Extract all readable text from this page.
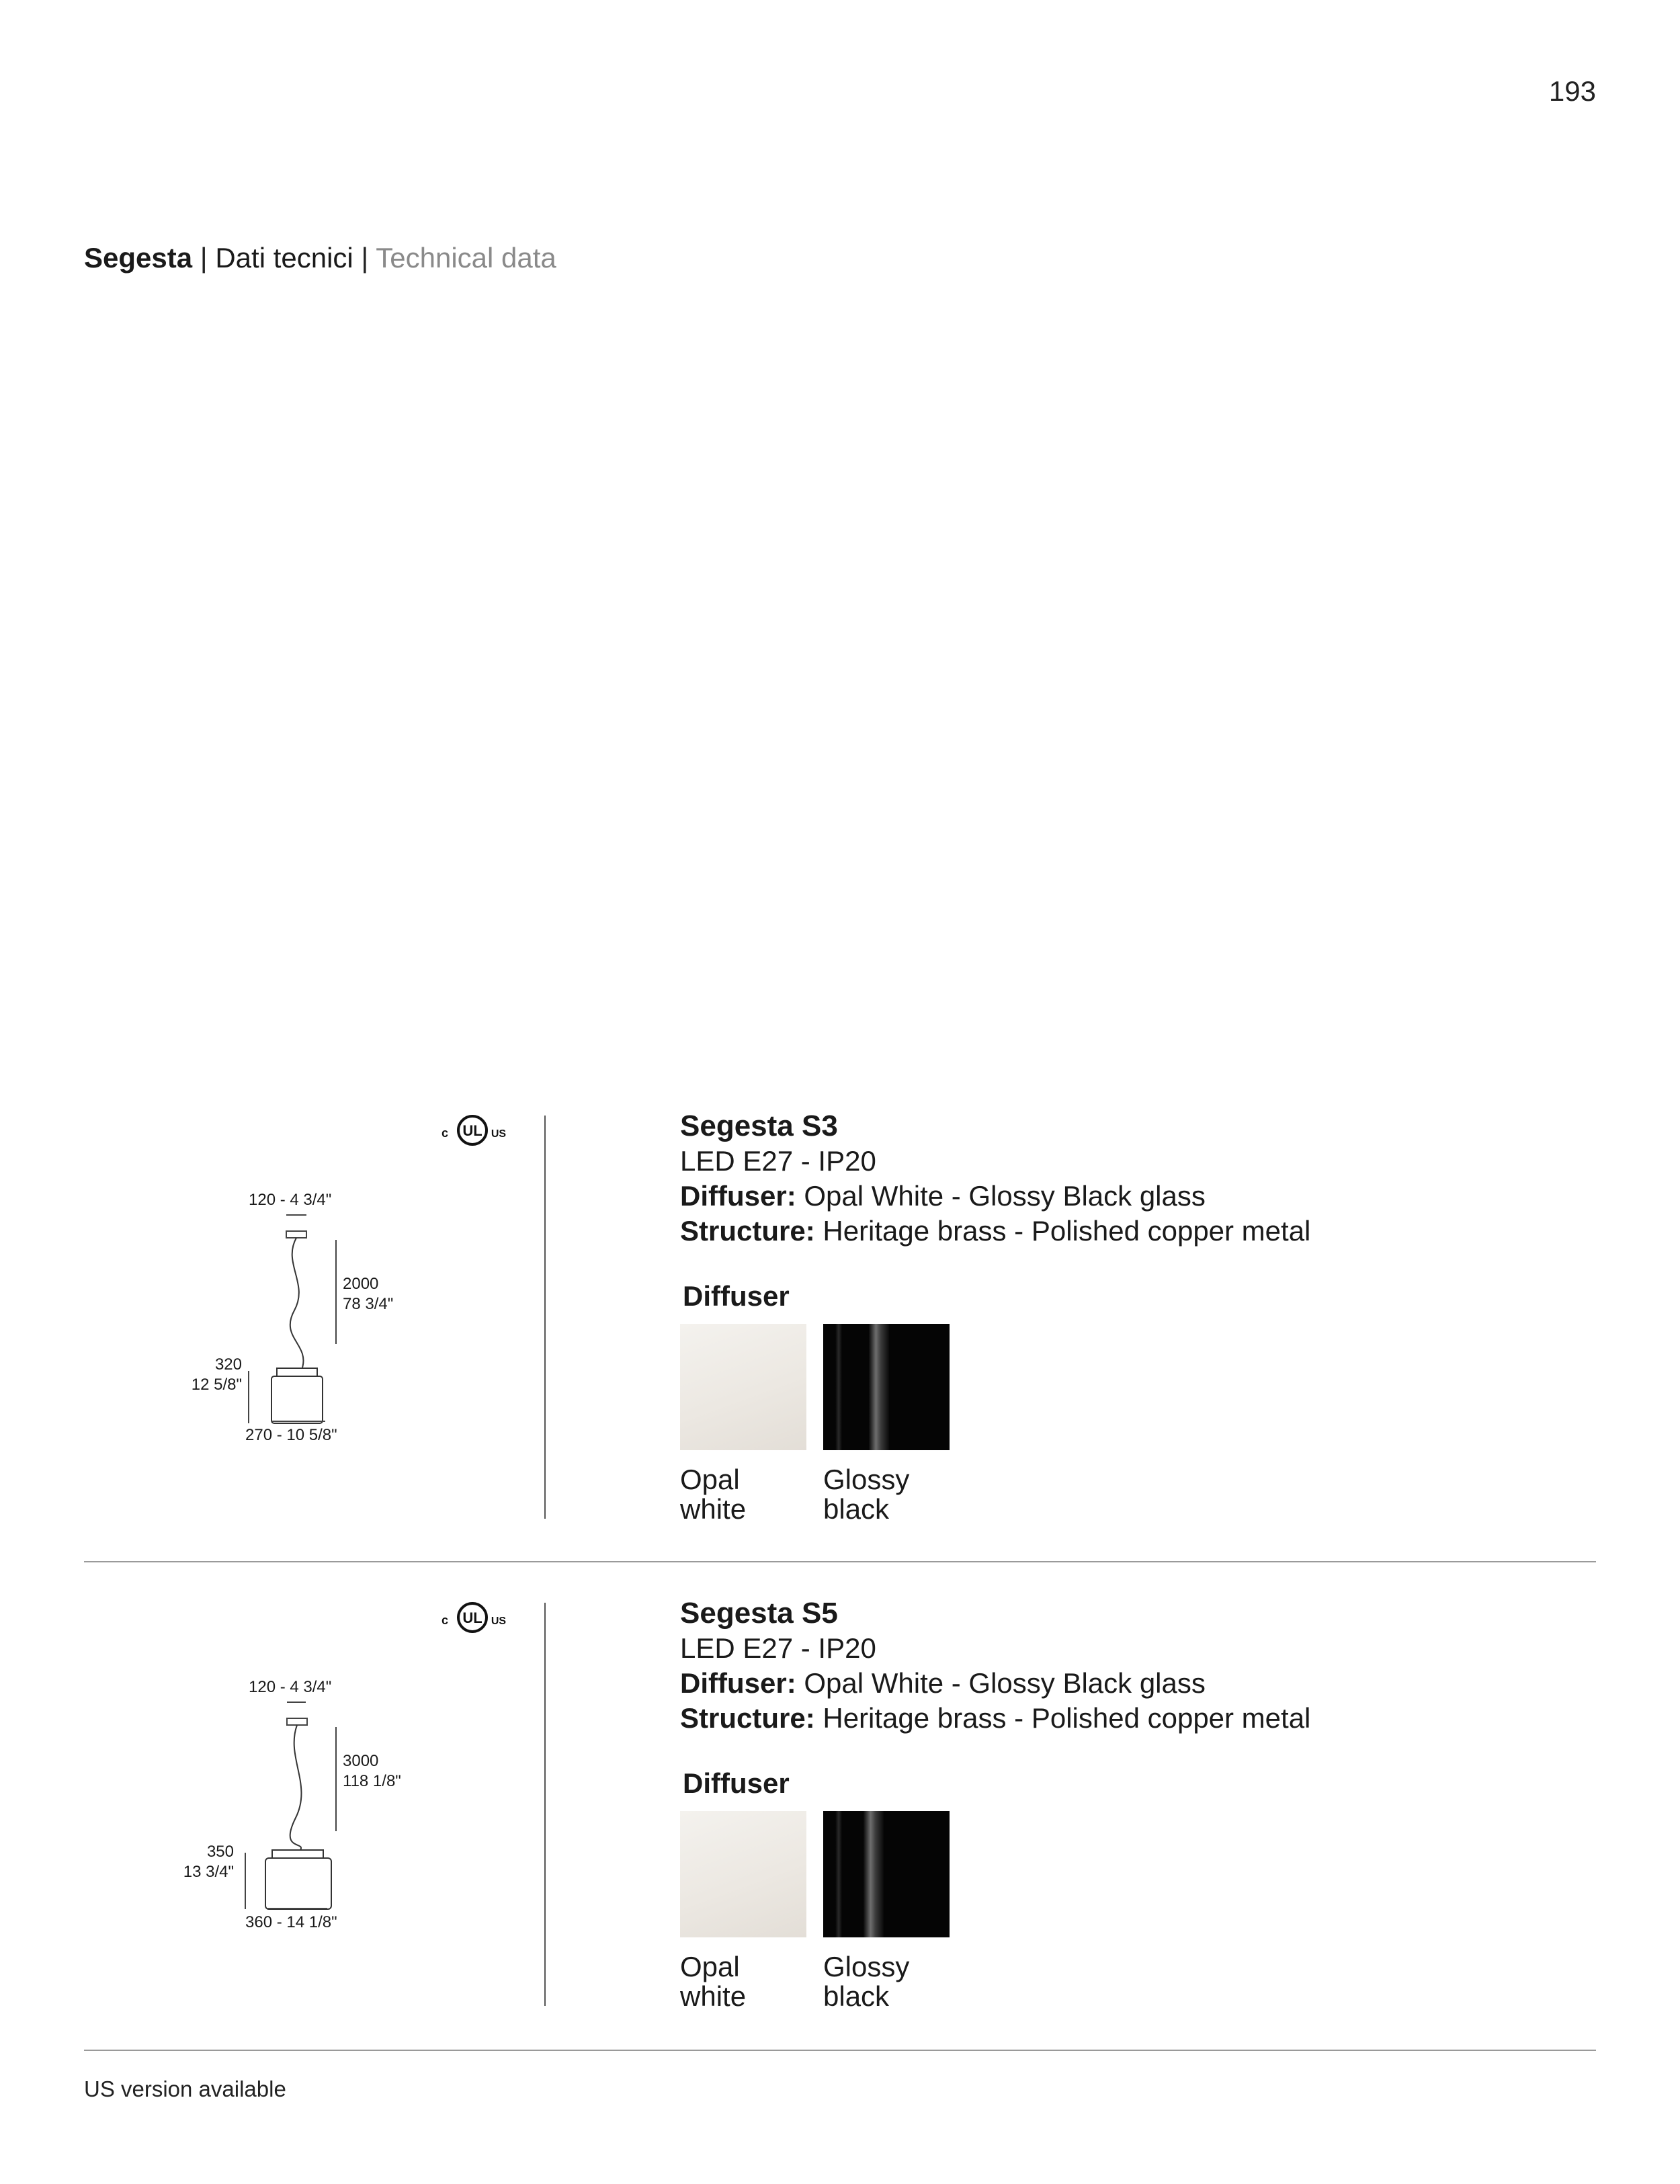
193
Segesta | Dati tecnici | Technical data
UL
c	US
120 - 4 3/4"
2000
78 3/4"
320
12 5/8"
270 - 10 5/8"
Segesta S3
LED E27 - IP20
Diffuser: Opal White - Glossy Black glass
Structure: Heritage brass - Polished copper metal
Diffuser
Opal
white
Glossy
black
UL
c	US
120 - 4 3/4"
3000
118 1/8"
350
13 3/4"
360 - 14 1/8"
Segesta S5
LED E27 - IP20
Diffuser: Opal White - Glossy Black glass
Structure: Heritage brass - Polished copper metal
Diffuser
Opal
white
Glossy
black
US version available
